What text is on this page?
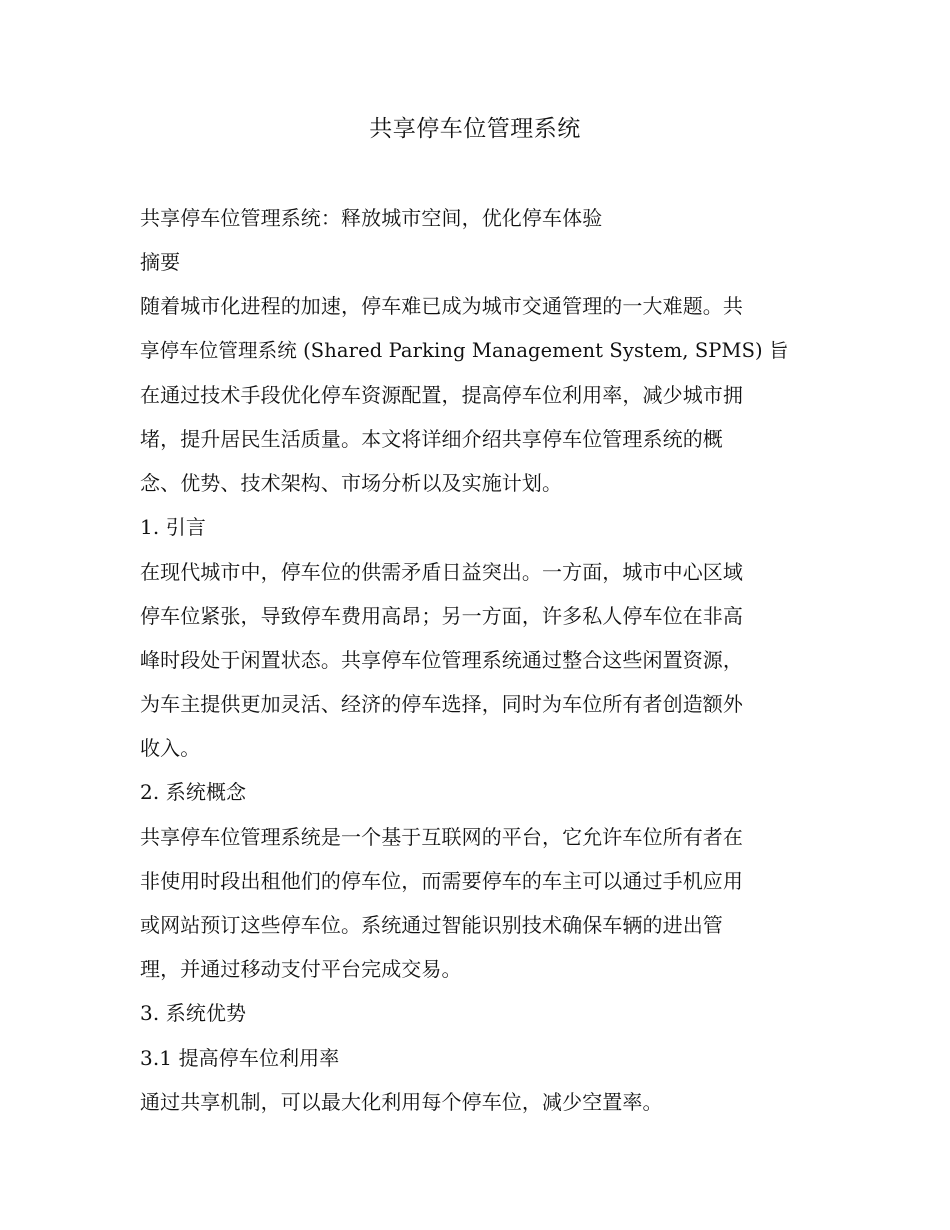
共享停车位管理系统
共享停车位管理系统：释放城市空间，优化停车体验
摘要
随着城市化进程的加速，停车难已成为城市交通管理的一大难题。共
享停车位管理系统 (Shared Parking Management System, SPMS) 旨
在通过技术手段优化停车资源配置，提高停车位利用率，减少城市拥
堵，提升居民生活质量。本文将详细介绍共享停车位管理系统的概
念、优势、技术架构、市场分析以及实施计划。
1. 引言
在现代城市中，停车位的供需矛盾日益突出。一方面，城市中心区域
停车位紧张，导致停车费用高昂；另一方面，许多私人停车位在非高
峰时段处于闲置状态。共享停车位管理系统通过整合这些闲置资源，
为车主提供更加灵活、经济的停车选择，同时为车位所有者创造额外
收入。
2. 系统概念
共享停车位管理系统是一个基于互联网的平台，它允许车位所有者在
非使用时段出租他们的停车位，而需要停车的车主可以通过手机应用
或网站预订这些停车位。系统通过智能识别技术确保车辆的进出管
理，并通过移动支付平台完成交易。
3. 系统优势
3.1 提高停车位利用率
通过共享机制，可以最大化利用每个停车位，减少空置率。
